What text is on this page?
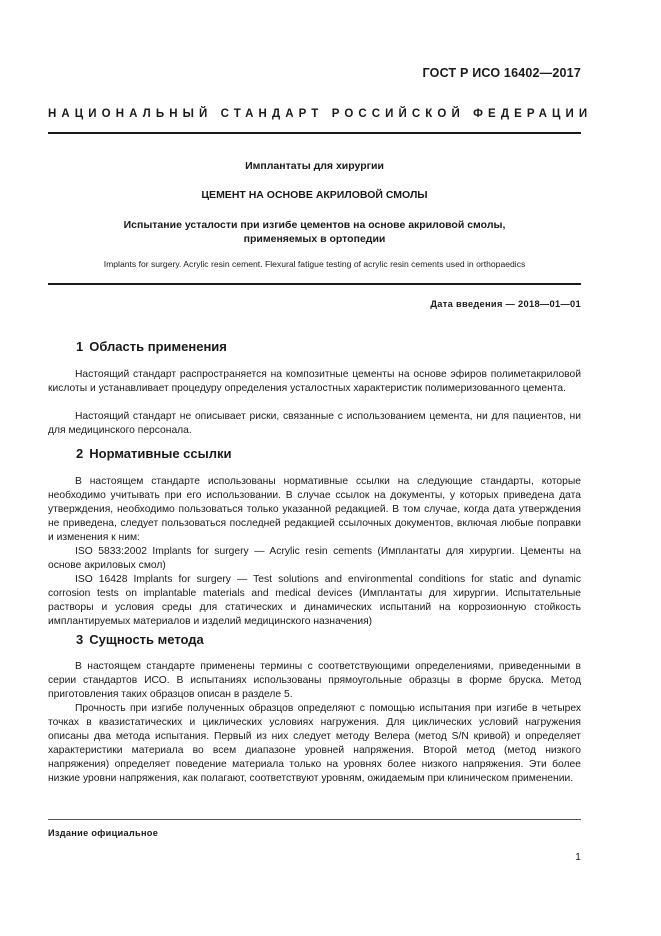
ГОСТ Р ИСО 16402—2017
НАЦИОНАЛЬНЫЙ СТАНДАРТ РОССИЙСКОЙ ФЕДЕРАЦИИ
Имплантаты для хирургии
ЦЕМЕНТ НА ОСНОВЕ АКРИЛОВОЙ СМОЛЫ
Испытание усталости при изгибе цементов на основе акриловой смолы,
применяемых в ортопедии
Implants for surgery. Acrylic resin cement. Flexural fatigue testing of acrylic resin cements used in orthopaedics
Дата введения — 2018—01—01
1 Область применения

Настоящий стандарт распространяется на композитные цементы на основе эфиров полиметакриловой кислоты и устанавливает процедуру определения усталостных характеристик полимеризованного цемента.

Настоящий стандарт не описывает риски, связанные с использованием цемента, ни для пациентов, ни для медицинского персонала.

2 Нормативные ссылки

В настоящем стандарте использованы нормативные ссылки на следующие стандарты, которые необходимо учитывать при его использовании. В случае ссылок на документы, у которых приведена дата утверждения, необходимо пользоваться только указанной редакцией. В том случае, когда дата утверждения не приведена, следует пользоваться последней редакцией ссылочных документов, включая любые поправки и изменения к ним:

ISO 5833:2002 Implants for surgery — Acrylic resin cements (Имплантаты для хирургии. Цементы на основе акриловых смол)

ISO 16428 Implants for surgery — Test solutions and environmental conditions for static and dynamic corrosion tests on implantable materials and medical devices (Имплантаты для хирургии. Испытательные растворы и условия среды для статических и динамических испытаний на коррозионную стойкость имплантируемых материалов и изделий медицинского назначения)

3 Сущность метода

В настоящем стандарте применены термины с соответствующими определениями, приведенными в серии стандартов ИСО. В испытаниях использованы прямоугольные образцы в форме бруска. Метод приготовления таких образцов описан в разделе 5.

Прочность при изгибе полученных образцов определяют с помощью испытания при изгибе в четырех точках в квазистатических и циклических условиях нагружения. Для циклических условий нагружения описаны два метода испытания. Первый из них следует методу Велера (метод S/N кривой) и определяет характеристики материала во всем диапазоне уровней напряжения. Второй метод (метод низкого напряжения) определяет поведение материала только на уровнях более низкого напряжения. Эти более низкие уровни напряжения, как полагают, соответствуют уровням, ожидаемым при клиническом применении.

Издание официальное
1
